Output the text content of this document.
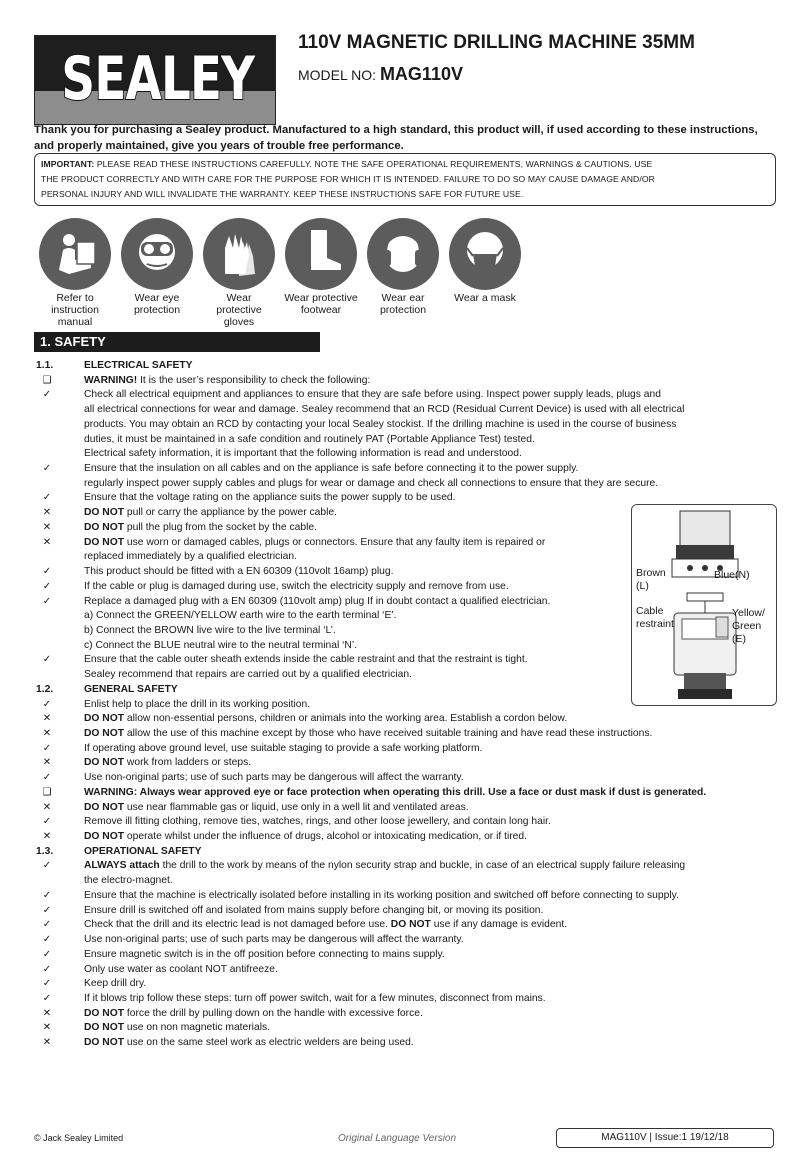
SEALEY
110V MAGNETIC DRILLING MACHINE 35MM
MODEL NO: MAG110V
Thank you for purchasing a Sealey product. Manufactured to a high standard, this product will, if used according to these instructions,
and properly maintained, give you years of trouble free performance.
IMPORTANT: PLEASE READ THESE INSTRUCTIONS CAREFULLY. NOTE THE SAFE OPERATIONAL REQUIREMENTS, WARNINGS & CAUTIONS. USE
THE PRODUCT CORRECTLY AND WITH CARE FOR THE PURPOSE FOR WHICH IT IS INTENDED. FAILURE TO DO SO MAY CAUSE DAMAGE AND/OR
PERSONAL INJURY AND WILL INVALIDATE THE WARRANTY. KEEP THESE INSTRUCTIONS SAFE FOR FUTURE USE.
Refer to
instruction
manual
Wear eye
protection
Wear
protective
gloves
Wear protective
footwear
Wear ear
protection
Wear a mask
1. SAFETY
1.1.	ELECTRICAL SAFETY
❑	WARNING! It is the user’s responsibility to check the following:
✓	Check all electrical equipment and appliances to ensure that they are safe before using. Inspect power supply leads, plugs and
all electrical connections for wear and damage. Sealey recommend that an RCD (Residual Current Device) is used with all electrical
products. You may obtain an RCD by contacting your local Sealey stockist. If the drilling machine is used in the course of business
duties, it must be maintained in a safe condition and routinely PAT (Portable Appliance Test) tested.
Electrical safety information, it is important that the following information is read and understood.
✓	Ensure that the insulation on all cables and on the appliance is safe before connecting it to the power supply.
regularly inspect power supply cables and plugs for wear or damage and check all connections to ensure that they are secure.
✓	Ensure that the voltage rating on the appliance suits the power supply to be used.
✕	DO NOT pull or carry the appliance by the power cable.
✕	DO NOT pull the plug from the socket by the cable.
✕	DO NOT use worn or damaged cables, plugs or connectors. Ensure that any faulty item is repaired or
replaced immediately by a qualified electrician.
✓	This product should be fitted with a EN 60309 (110volt 16amp) plug.
✓	If the cable or plug is damaged during use, switch the electricity supply and remove from use.
✓	Replace a damaged plug with a EN 60309 (110volt amp) plug If in doubt contact a qualified electrician.
a) Connect the GREEN/YELLOW earth wire to the earth terminal ‘E’.
b) Connect the BROWN live wire to the live terminal ‘L’.
c) Connect the BLUE neutral wire to the neutral terminal ‘N’.
✓	Ensure that the cable outer sheath extends inside the cable restraint and that the restraint is tight.
Sealey recommend that repairs are carried out by a qualified electrician.
1.2.	GENERAL SAFETY
✓	Enlist help to place the drill in its working position.
✕	DO NOT allow non-essential persons, children or animals into the working area. Establish a cordon below.
✕	DO NOT allow the use of this machine except by those who have received suitable training and have read these instructions.
✓	If operating above ground level, use suitable staging to provide a safe working platform.
✕	DO NOT work from ladders or steps.
✓	Use non-original parts; use of such parts may be dangerous will affect the warranty.
❑	WARNING: Always wear approved eye or face protection when operating this drill. Use a face or dust mask if dust is generated.
✕	DO NOT use near flammable gas or liquid, use only in a well lit and ventilated areas.
✓	Remove ill fitting clothing, remove ties, watches, rings, and other loose jewellery, and contain long hair.
✕	DO NOT operate whilst under the influence of drugs, alcohol or intoxicating medication, or if tired.
1.3.	OPERATIONAL SAFETY
✓	ALWAYS attach the drill to the work by means of the nylon security strap and buckle, in case of an electrical supply failure releasing
the electro-magnet.
✓	Ensure that the machine is electrically isolated before installing in its working position and switched off before connecting to supply.
✓	Ensure drill is switched off and isolated from mains supply before changing bit, or moving its position.
✓	Check that the drill and its electric lead is not damaged before use. DO NOT use if any damage is evident.
✓	Use non-original parts; use of such parts may be dangerous will affect the warranty.
✓	Ensure magnetic switch is in the off position before connecting to mains supply.
✓	Only use water as coolant NOT antifreeze.
✓	Keep drill dry.
✓	If it blows trip follow these steps: turn off power switch, wait for a few minutes, disconnect from mains.
✕	DO NOT force the drill by pulling down on the handle with excessive force.
✕	DO NOT use on non magnetic materials.
✕	DO NOT use on the same steel work as electric welders are being used.
Brown
(L)
Blue(N)
Cable
restraint
Yellow/
Green
(E)
© Jack Sealey Limited	Original Language Version	MAG110V | Issue:1 19/12/18
